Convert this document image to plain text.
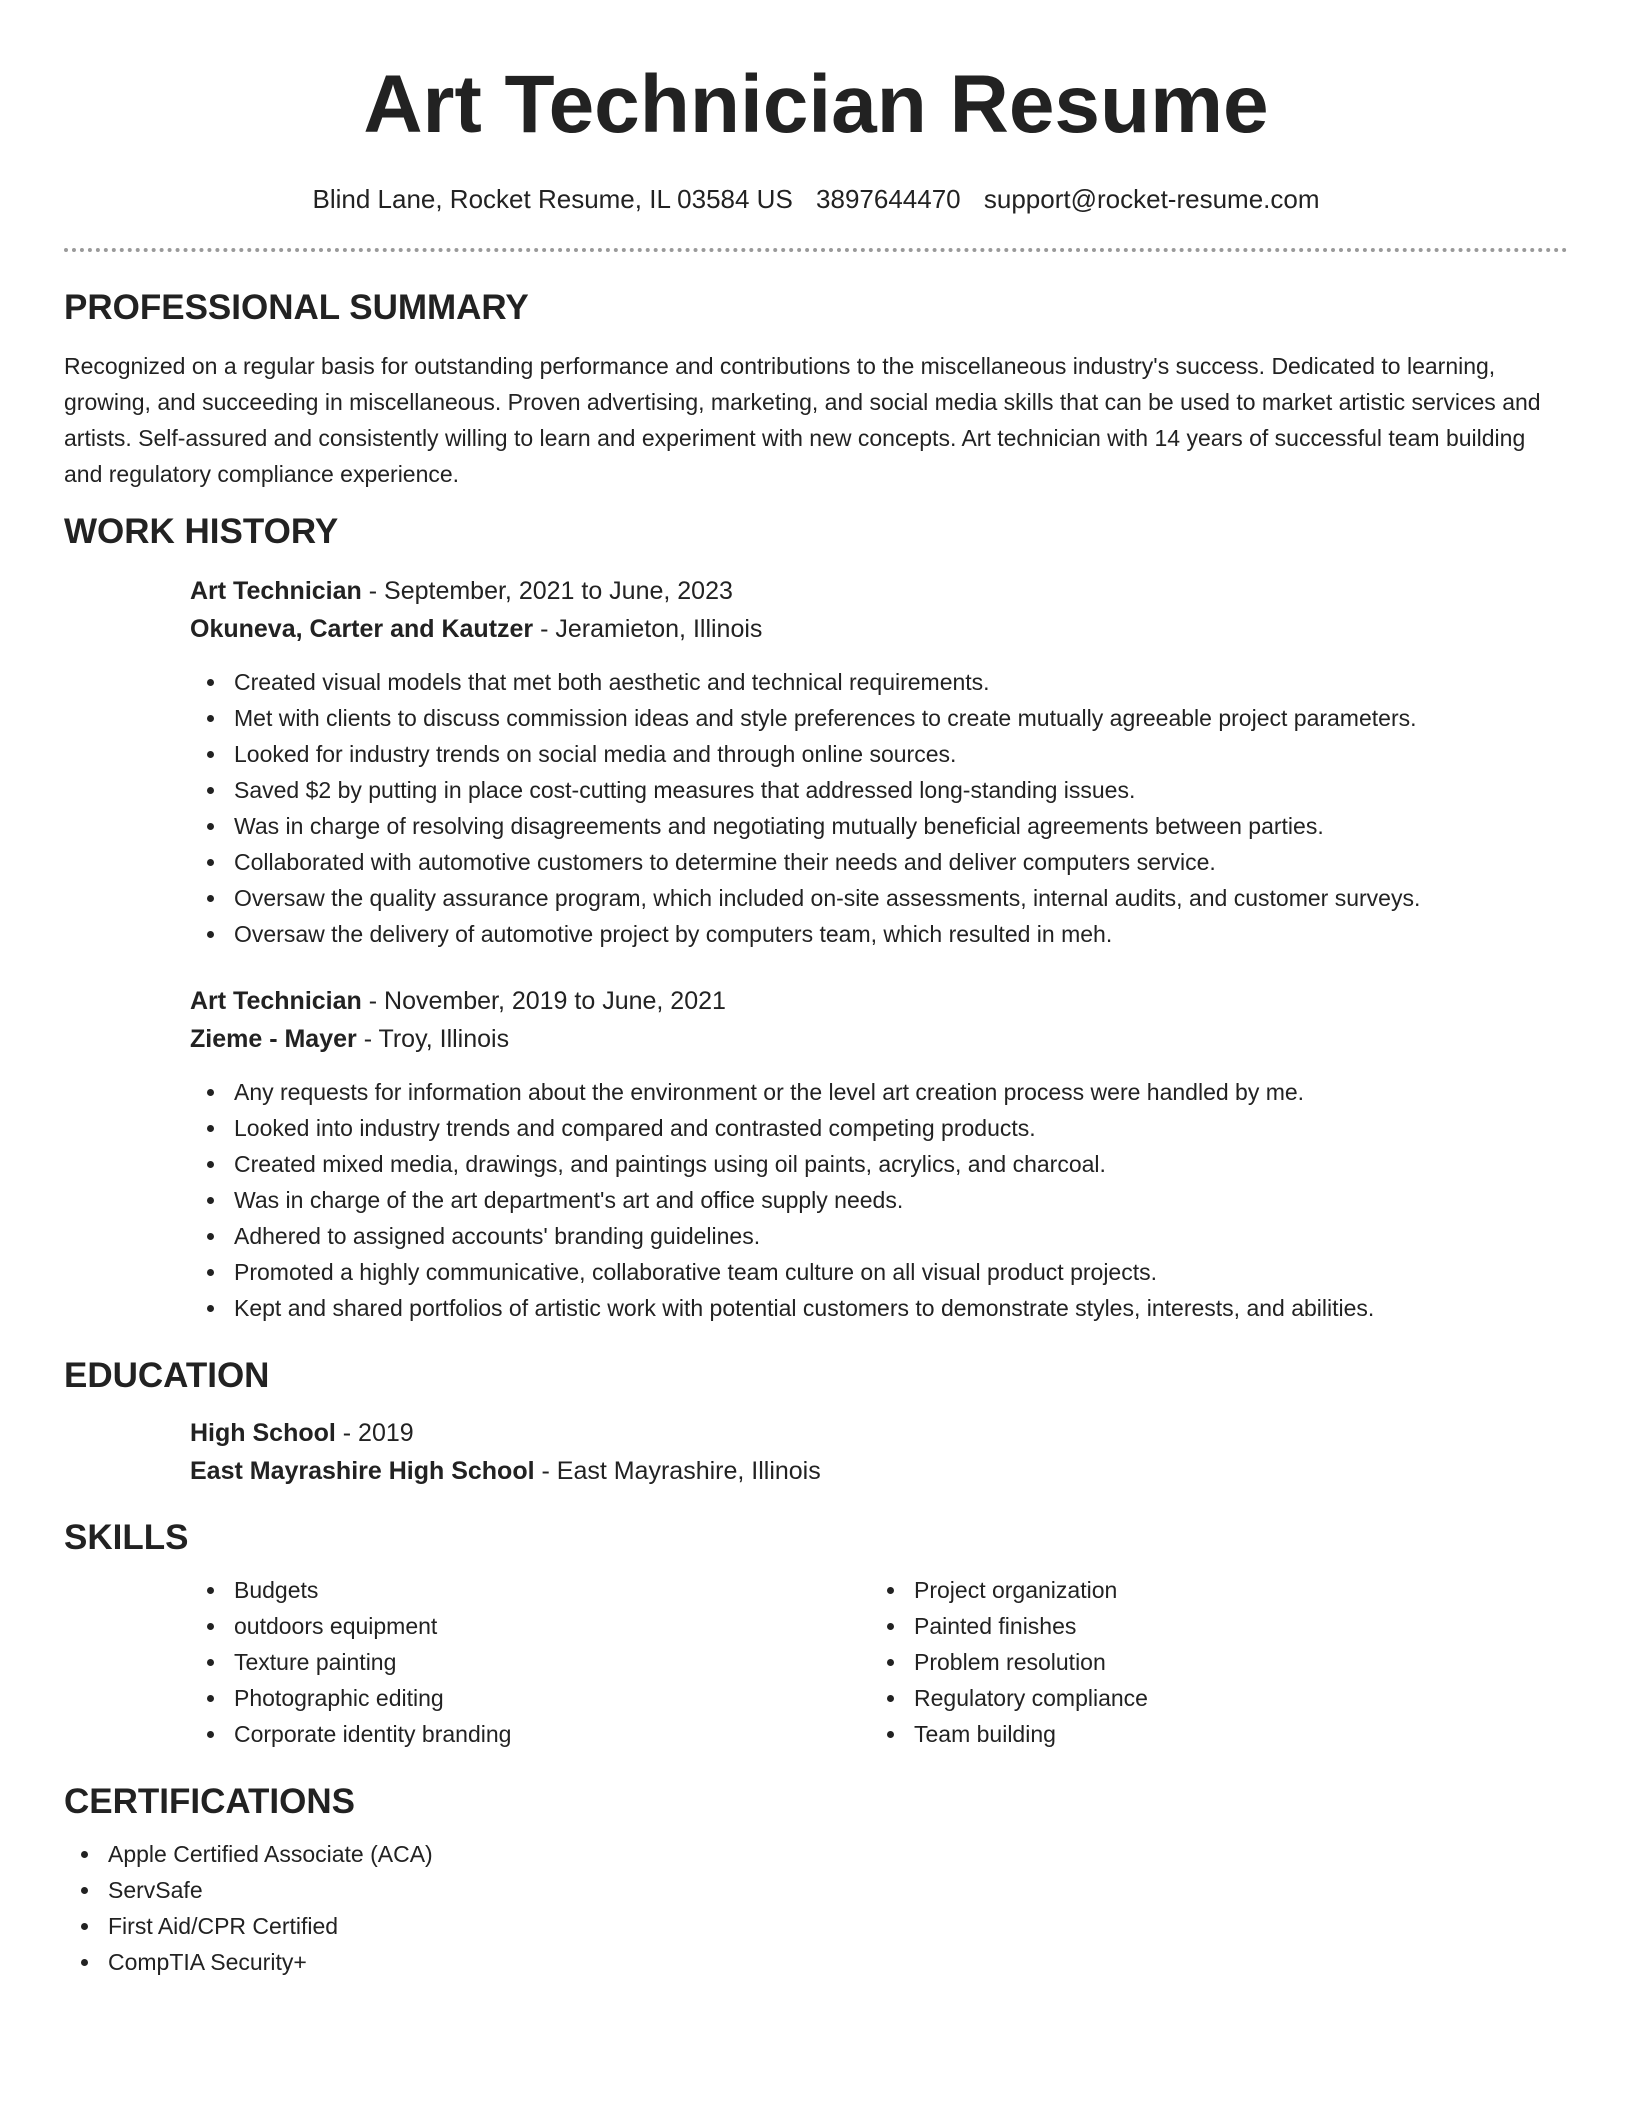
Art Technician Resume
Blind Lane, Rocket Resume, IL 03584 US 3897644470 support@rocket-resume.com
PROFESSIONAL SUMMARY

Recognized on a regular basis for outstanding performance and contributions to the miscellaneous industry's success. Dedicated to learning, growing, and succeeding in miscellaneous. Proven advertising, marketing, and social media skills that can be used to market artistic services and artists. Self-assured and consistently willing to learn and experiment with new concepts. Art technician with 14 years of successful team building and regulatory compliance experience.

WORK HISTORY

Art Technician - September, 2021 to June, 2023

Okuneva, Carter and Kautzer - Jeramieton, Illinois

Created visual models that met both aesthetic and technical requirements.
Met with clients to discuss commission ideas and style preferences to create mutually agreeable project parameters.
Looked for industry trends on social media and through online sources.
Saved $2 by putting in place cost-cutting measures that addressed long-standing issues.
Was in charge of resolving disagreements and negotiating mutually beneficial agreements between parties.
Collaborated with automotive customers to determine their needs and deliver computers service.
Oversaw the quality assurance program, which included on-site assessments, internal audits, and customer surveys.
Oversaw the delivery of automotive project by computers team, which resulted in meh.

Art Technician - November, 2019 to June, 2021

Zieme - Mayer - Troy, Illinois

Any requests for information about the environment or the level art creation process were handled by me.
Looked into industry trends and compared and contrasted competing products.
Created mixed media, drawings, and paintings using oil paints, acrylics, and charcoal.
Was in charge of the art department's art and office supply needs.
Adhered to assigned accounts' branding guidelines.
Promoted a highly communicative, collaborative team culture on all visual product projects.
Kept and shared portfolios of artistic work with potential customers to demonstrate styles, interests, and abilities.
EDUCATION

High School - 2019

East Mayrashire High School - East Mayrashire, Illinois

SKILLS
Budgets
outdoors equipment
Texture painting
Photographic editing
Corporate identity branding
Project organization
Painted finishes
Problem resolution
Regulatory compliance
Team building
CERTIFICATIONS
Apple Certified Associate (ACA)
ServSafe
First Aid/CPR Certified
CompTIA Security+
